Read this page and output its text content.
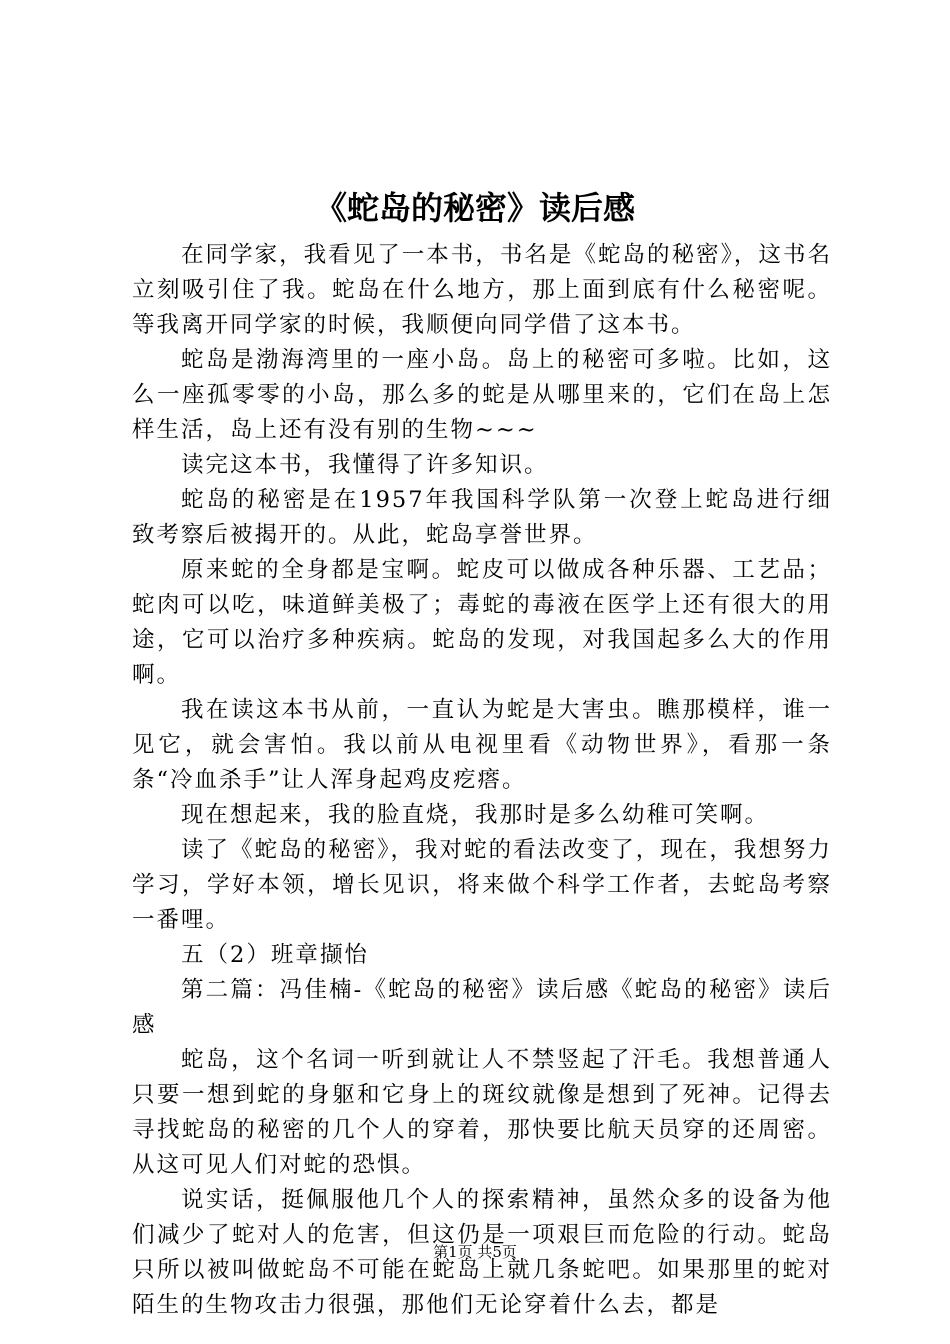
《蛇岛的秘密》读后感

在同学家，我看见了一本书，书名是《蛇岛的秘密》，这书名立刻吸引住了我。蛇岛在什么地方，那上面到底有什么秘密呢。等我离开同学家的时候，我顺便向同学借了这本书。

蛇岛是渤海湾里的一座小岛。岛上的秘密可多啦。比如，这么一座孤零零的小岛，那么多的蛇是从哪里来的，它们在岛上怎样生活，岛上还有没有别的生物~~~

读完这本书，我懂得了许多知识。

蛇岛的秘密是在1957年我国科学队第一次登上蛇岛进行细致考察后被揭开的。从此，蛇岛享誉世界。

原来蛇的全身都是宝啊。蛇皮可以做成各种乐器、工艺品；蛇肉可以吃，味道鲜美极了；毒蛇的毒液在医学上还有很大的用途，它可以治疗多种疾病。蛇岛的发现，对我国起多么大的作用啊。

我在读这本书从前，一直认为蛇是大害虫。瞧那模样，谁一见它，就会害怕。我以前从电视里看《动物世界》，看那一条条“冷血杀手”让人浑身起鸡皮疙瘩。

现在想起来，我的脸直烧，我那时是多么幼稚可笑啊。

读了《蛇岛的秘密》，我对蛇的看法改变了，现在，我想努力学习，学好本领，增长见识，将来做个科学工作者，去蛇岛考察一番哩。

五（2）班章撷怡

第二篇：冯佳楠-《蛇岛的秘密》读后感《蛇岛的秘密》读后感

蛇岛，这个名词一听到就让人不禁竖起了汗毛。我想普通人只要一想到蛇的身躯和它身上的斑纹就像是想到了死神。记得去寻找蛇岛的秘密的几个人的穿着，那快要比航天员穿的还周密。从这可见人们对蛇的恐惧。

说实话，挺佩服他几个人的探索精神，虽然众多的设备为他们减少了蛇对人的危害，但这仍是一项艰巨而危险的行动。蛇岛只所以被叫做蛇岛不可能在蛇岛上就几条蛇吧。如果那里的蛇对陌生的生物攻击力很强，那他们无论穿着什么去，都是

第1页 共5页
